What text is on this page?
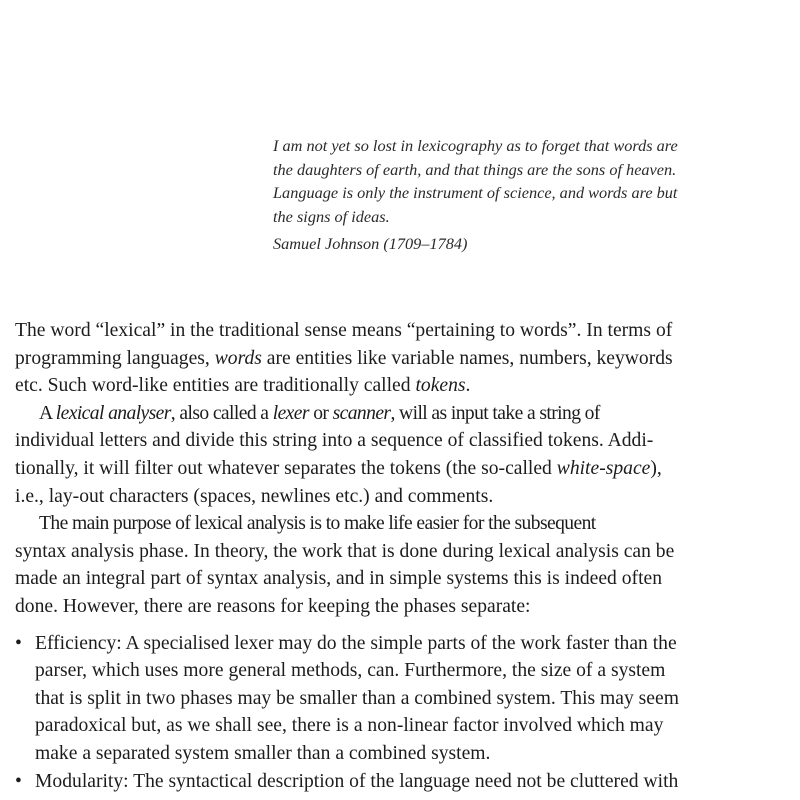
I am not yet so lost in lexicography as to forget that words are
the daughters of earth, and that things are the sons of heaven.
Language is only the instrument of science, and words are but
the signs of ideas.
Samuel Johnson (1709–1784)
The word “lexical” in the traditional sense means “pertaining to words”. In terms of
programming languages, words are entities like variable names, numbers, keywords
etc. Such word-like entities are traditionally called tokens.
A lexical analyser, also called a lexer or scanner, will as input take a string of
individual letters and divide this string into a sequence of classified tokens. Addi-
tionally, it will filter out whatever separates the tokens (the so-called white-space),
i.e., lay-out characters (spaces, newlines etc.) and comments.
The main purpose of lexical analysis is to make life easier for the subsequent
syntax analysis phase. In theory, the work that is done during lexical analysis can be
made an integral part of syntax analysis, and in simple systems this is indeed often
done. However, there are reasons for keeping the phases separate:
• Efficiency: A specialised lexer may do the simple parts of the work faster than the
parser, which uses more general methods, can. Furthermore, the size of a system
that is split in two phases may be smaller than a combined system. This may seem
paradoxical but, as we shall see, there is a non-linear factor involved which may
make a separated system smaller than a combined system.
• Modularity: The syntactical description of the language need not be cluttered with
